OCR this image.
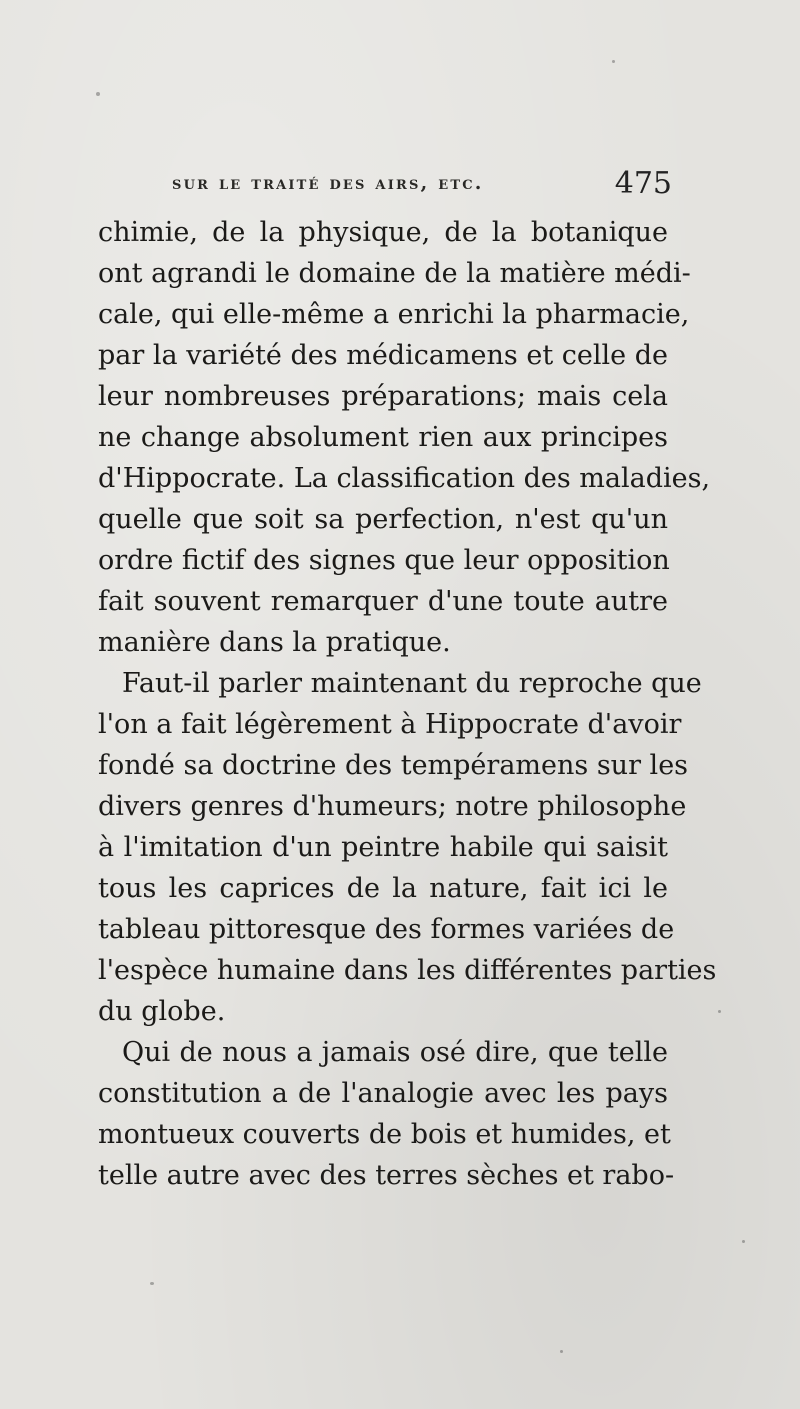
sur le traité des airs, etc.	475
chimie, de la physique, de la botanique
ont agrandi le domaine de la matière médi-
cale, qui elle-même a enrichi la pharmacie,
par la variété des médicamens et celle de
leur nombreuses préparations; mais cela
ne change absolument rien aux principes
d'Hippocrate. La classification des maladies,
quelle que soit sa perfection, n'est qu'un
ordre fictif des signes que leur opposition
fait souvent remarquer d'une toute autre
manière dans la pratique.
Faut-il parler maintenant du reproche que
l'on a fait légèrement à Hippocrate d'avoir
fondé sa doctrine des tempéramens sur les
divers genres d'humeurs; notre philosophe
à l'imitation d'un peintre habile qui saisit
tous les caprices de la nature, fait ici le
tableau pittoresque des formes variées de
l'espèce humaine dans les différentes parties
du globe.
Qui de nous a jamais osé dire, que telle
constitution a de l'analogie avec les pays
montueux couverts de bois et humides, et
telle autre avec des terres sèches et rabo-
